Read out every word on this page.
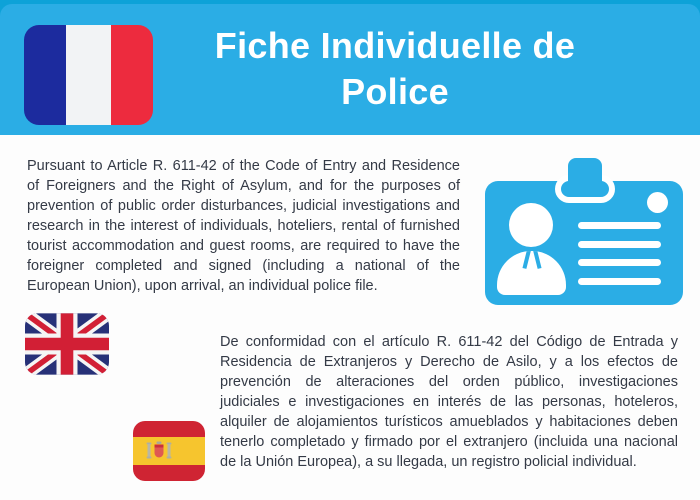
Fiche Individuelle de Police
Pursuant to Article R. 611-42 of the Code of Entry and Residence of Foreigners and the Right of Asylum, and for the purposes of prevention of public order disturbances, judicial investigations and research in the interest of individuals, hoteliers, rental of furnished tourist accommodation and guest rooms, are required to have the foreigner completed and signed (including a national of the European Union), upon arrival, an individual police file.
De conformidad con el artículo R. 611-42 del Código de Entrada y Residencia de Extranjeros y Derecho de Asilo, y a los efectos de prevención de alteraciones del orden público, investigaciones judiciales e investigaciones en interés de las personas, hoteleros, alquiler de alojamientos turísticos amueblados y habitaciones deben tenerlo completado y firmado por el extranjero (incluida una nacional de la Unión Europea), a su llegada, un registro policial individual.
